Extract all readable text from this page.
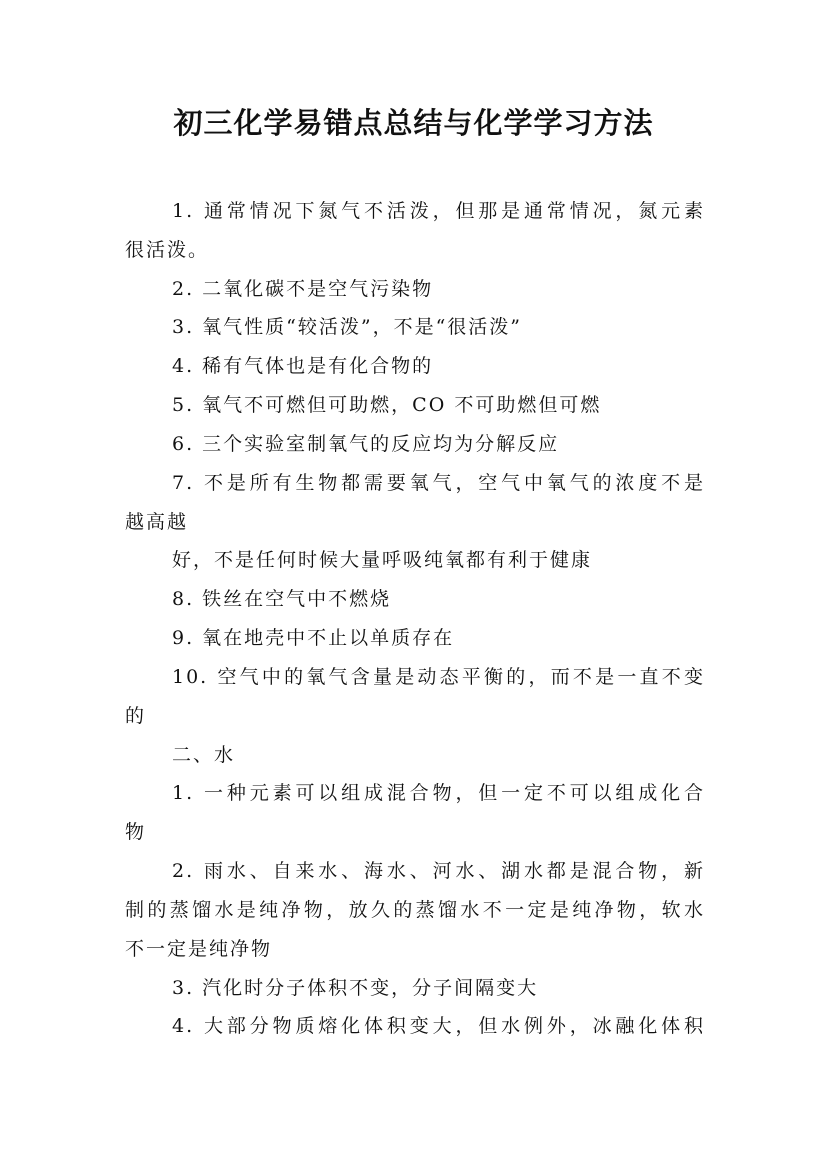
初三化学易错点总结与化学学习方法
1. 通常情况下氮气不活泼，但那是通常情况，氮元素
很活泼。
2. 二氧化碳不是空气污染物
3. 氧气性质“较活泼”，不是“很活泼”
4. 稀有气体也是有化合物的
5. 氧气不可燃但可助燃，CO 不可助燃但可燃
6. 三个实验室制氧气的反应均为分解反应
7. 不是所有生物都需要氧气，空气中氧气的浓度不是
越高越
好，不是任何时候大量呼吸纯氧都有利于健康
8. 铁丝在空气中不燃烧
9. 氧在地壳中不止以单质存在
10. 空气中的氧气含量是动态平衡的，而不是一直不变
的
二、水
1. 一种元素可以组成混合物，但一定不可以组成化合
物
2. 雨水、自来水、海水、河水、湖水都是混合物，新
制的蒸馏水是纯净物，放久的蒸馏水不一定是纯净物，软水
不一定是纯净物
3. 汽化时分子体积不变，分子间隔变大
4. 大部分物质熔化体积变大，但水例外，冰融化体积
